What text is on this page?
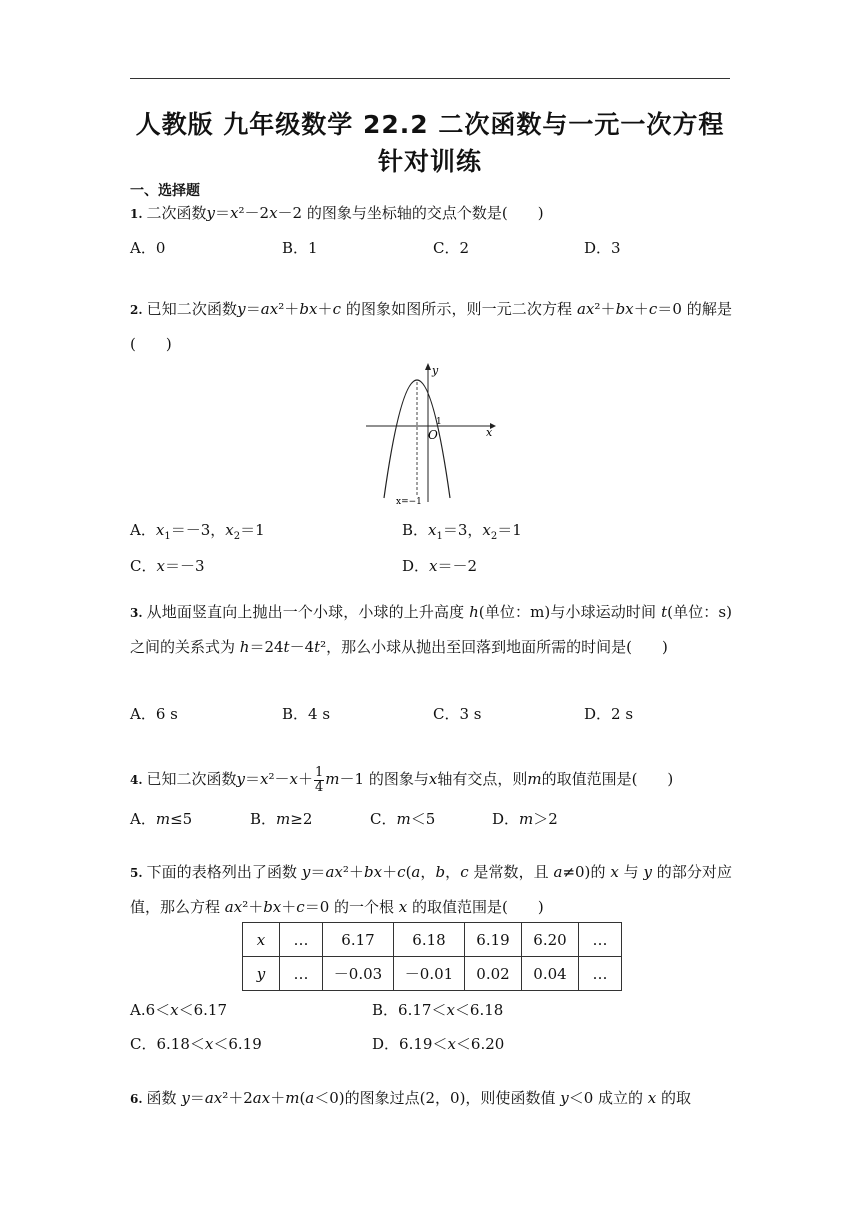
人教版 九年级数学 22.2 二次函数与一元一次方程 针对训练
一、选择题

1. 二次函数y＝x²－2x－2 的图象与坐标轴的交点个数是(　　)

A．0	B．1	C．2	D．3

2. 已知二次函数y＝ax²＋bx＋c 的图象如图所示，则一元二次方程 ax²＋bx＋c＝0 的解是(　　)

y
x
O
1
x=−1
A．$x_1=-3$，$x_2=1$	B．$x_1=3$，$x_2=1$
C．x＝－3	D．x＝－2

3. 从地面竖直向上抛出一个小球，小球的上升高度 h(单位：m)与小球运动时间 t(单位：s)之间的关系式为 h＝24t－4t²，那么小球从抛出至回落到地面所需的时间是(　　)

A．6 s	B．4 s	C．3 s	D．2 s

4. 已知二次函数$y=x^2-x+ \frac{1}{4} m-1$ 的图象与x轴有交点，则m的取值范围是(　　)

A．m≤5	B．m≥2	C．m＜5	D．m＞2

5. 下面的表格列出了函数 y＝ax²＋bx＋c(a，b，c 是常数，且 a≠0)的 x 与 y 的部分对应值，那么方程 ax²＋bx＋c＝0 的一个根 x 的取值范围是(　　)

x	…	6.17	6.18	6.19	6.20	…
y	…	－0.03	－0.01	0.02	0.04	…
A.6＜x＜6.17	B．6.17＜x＜6.18
C．6.18＜x＜6.19	D．6.19＜x＜6.20

6. 函数 y＝ax²＋2ax＋m(a＜0)的图象过点(2，0)，则使函数值 y＜0 成立的 x 的取
